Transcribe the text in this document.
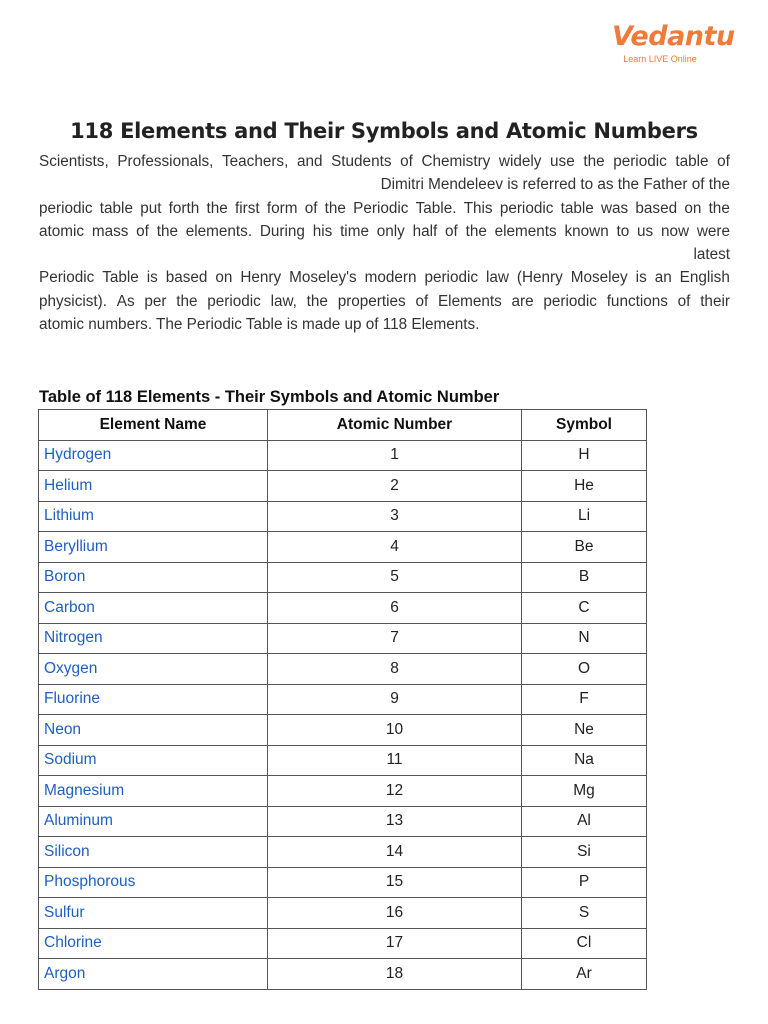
Vedantu
Learn LIVE Online
118 Elements and Their Symbols and Atomic Numbers
Scientists, Professionals, Teachers, and Students of Chemistry widely use the periodic table of
Dimitri Mendeleev is referred to as the Father of the
periodic table put forth the first form of the Periodic Table. This periodic table was based on the
atomic mass of the elements. During his time only half of the elements known to us now were
latest
Periodic Table is based on Henry Moseley's modern periodic law (Henry Moseley is an English
physicist). As per the periodic law, the properties of Elements are periodic functions of their
atomic numbers. The Periodic Table is made up of 118 Elements.
Table of 118 Elements - Their Symbols and Atomic Number
Element Name	Atomic Number	Symbol
Hydrogen	1	H
Helium	2	He
Lithium	3	Li
Beryllium	4	Be
Boron	5	B
Carbon	6	C
Nitrogen	7	N
Oxygen	8	O
Fluorine	9	F
Neon	10	Ne
Sodium	11	Na
Magnesium	12	Mg
Aluminum	13	Al
Silicon	14	Si
Phosphorous	15	P
Sulfur	16	S
Chlorine	17	Cl
Argon	18	Ar
